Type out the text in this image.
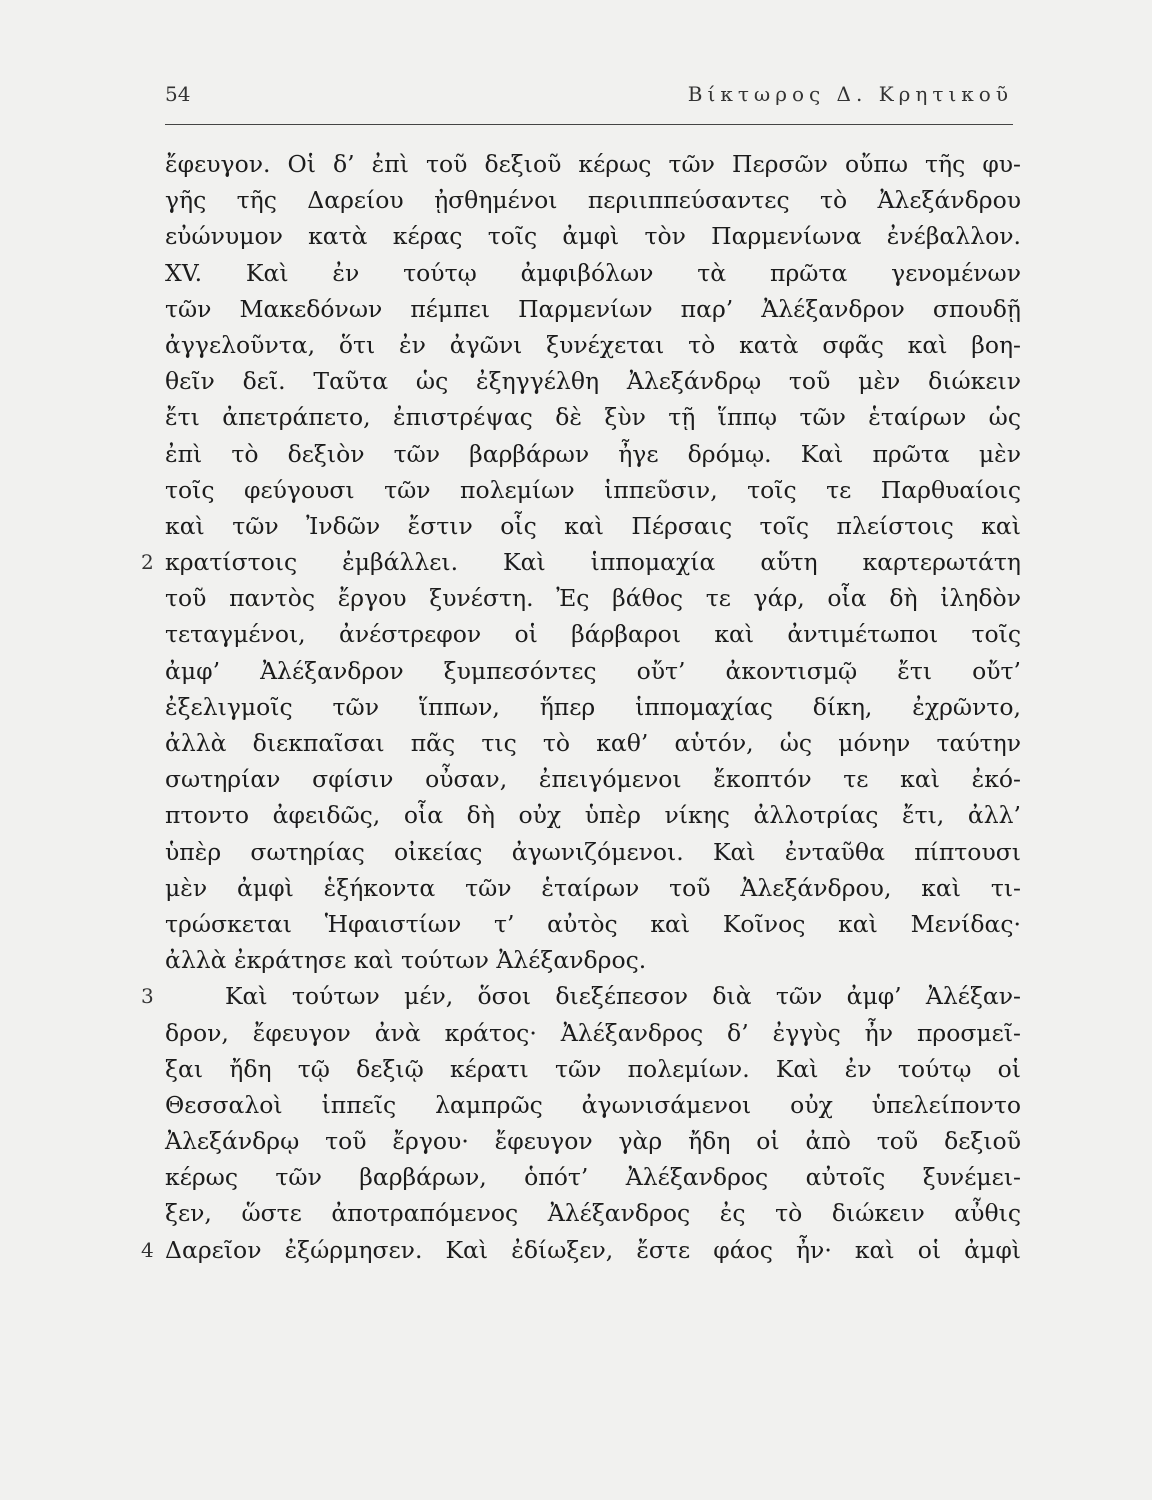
54	Βίκτωρος Δ. Κρητικοῦ
ἔφευγον. Οἱ δ’ ἐπὶ τοῦ δεξιοῦ κέρως τῶν Περσῶν οὔπω τῆς φυ-
γῆς τῆς Δαρείου ᾐσθημένοι περιιππεύσαντες τὸ Ἀλεξάνδρου
εὐώνυμον κατὰ κέρας τοῖς ἀμφὶ τὸν Παρμενίωνα ἐνέβαλλον.
XV. Καὶ ἐν τούτῳ ἀμφιβόλων τὰ πρῶτα γενομένων
τῶν Μακεδόνων πέμπει Παρμενίων παρ’ Ἀλέξανδρον σπουδῇ
ἀγγελοῦντα, ὅτι ἐν ἀγῶνι ξυνέχεται τὸ κατὰ σφᾶς καὶ βοη-
θεῖν δεῖ. Ταῦτα ὡς ἐξηγγέλθη Ἀλεξάνδρῳ τοῦ μὲν διώκειν
ἔτι ἀπετράπετο, ἐπιστρέψας δὲ ξὺν τῇ ἵππῳ τῶν ἑταίρων ὡς
ἐπὶ τὸ δεξιὸν τῶν βαρβάρων ἦγε δρόμῳ. Καὶ πρῶτα μὲν
τοῖς φεύγουσι τῶν πολεμίων ἱππεῦσιν, τοῖς τε Παρθυαίοις
καὶ τῶν Ἰνδῶν ἔστιν οἷς καὶ Πέρσαις τοῖς πλείστοις καὶ
2 κρατίστοις ἐμβάλλει. Καὶ ἱππομαχία αὕτη καρτερωτάτη
τοῦ παντὸς ἔργου ξυνέστη. Ἐς βάθος τε γάρ, οἷα δὴ ἰληδὸν
τεταγμένοι, ἀνέστρεφον οἱ βάρβαροι καὶ ἀντιμέτωποι τοῖς
ἀμφ’ Ἀλέξανδρον ξυμπεσόντες οὔτ’ ἀκοντισμῷ ἔτι οὔτ’
ἐξελιγμοῖς τῶν ἵππων, ἥπερ ἱππομαχίας δίκη, ἐχρῶντο,
ἀλλὰ διεκπαῖσαι πᾶς τις τὸ καθ’ αὑτόν, ὡς μόνην ταύτην
σωτηρίαν σφίσιν οὖσαν, ἐπειγόμενοι ἔκοπτόν τε καὶ ἐκό-
πτοντο ἀφειδῶς, οἷα δὴ οὐχ ὑπὲρ νίκης ἀλλοτρίας ἔτι, ἀλλ’
ὑπὲρ σωτηρίας οἰκείας ἀγωνιζόμενοι. Καὶ ἐνταῦθα πίπτουσι
μὲν ἀμφὶ ἑξήκοντα τῶν ἑταίρων τοῦ Ἀλεξάνδρου, καὶ τι-
τρώσκεται Ἡφαιστίων τ’ αὐτὸς καὶ Κοῖνος καὶ Μενίδας·
ἀλλὰ ἐκράτησε καὶ τούτων Ἀλέξανδρος.
3	Καὶ τούτων μέν, ὅσοι διεξέπεσον διὰ τῶν ἀμφ’ Ἀλέξαν-
δρον, ἔφευγον ἀνὰ κράτος· Ἀλέξανδρος δ’ ἐγγὺς ἦν προσμεῖ-
ξαι ἤδη τῷ δεξιῷ κέρατι τῶν πολεμίων. Καὶ ἐν τούτῳ οἱ
Θεσσαλοὶ ἱππεῖς λαμπρῶς ἀγωνισάμενοι οὐχ ὑπελείποντο
Ἀλεξάνδρῳ τοῦ ἔργου· ἔφευγον γὰρ ἤδη οἱ ἀπὸ τοῦ δεξιοῦ
κέρως τῶν βαρβάρων, ὁπότ’ Ἀλέξανδρος αὐτοῖς ξυνέμει-
ξεν, ὥστε ἀποτραπόμενος Ἀλέξανδρος ἐς τὸ διώκειν αὖθις
4 Δαρεῖον ἐξώρμησεν. Καὶ ἐδίωξεν, ἔστε φάος ἦν· καὶ οἱ ἀμφὶ
